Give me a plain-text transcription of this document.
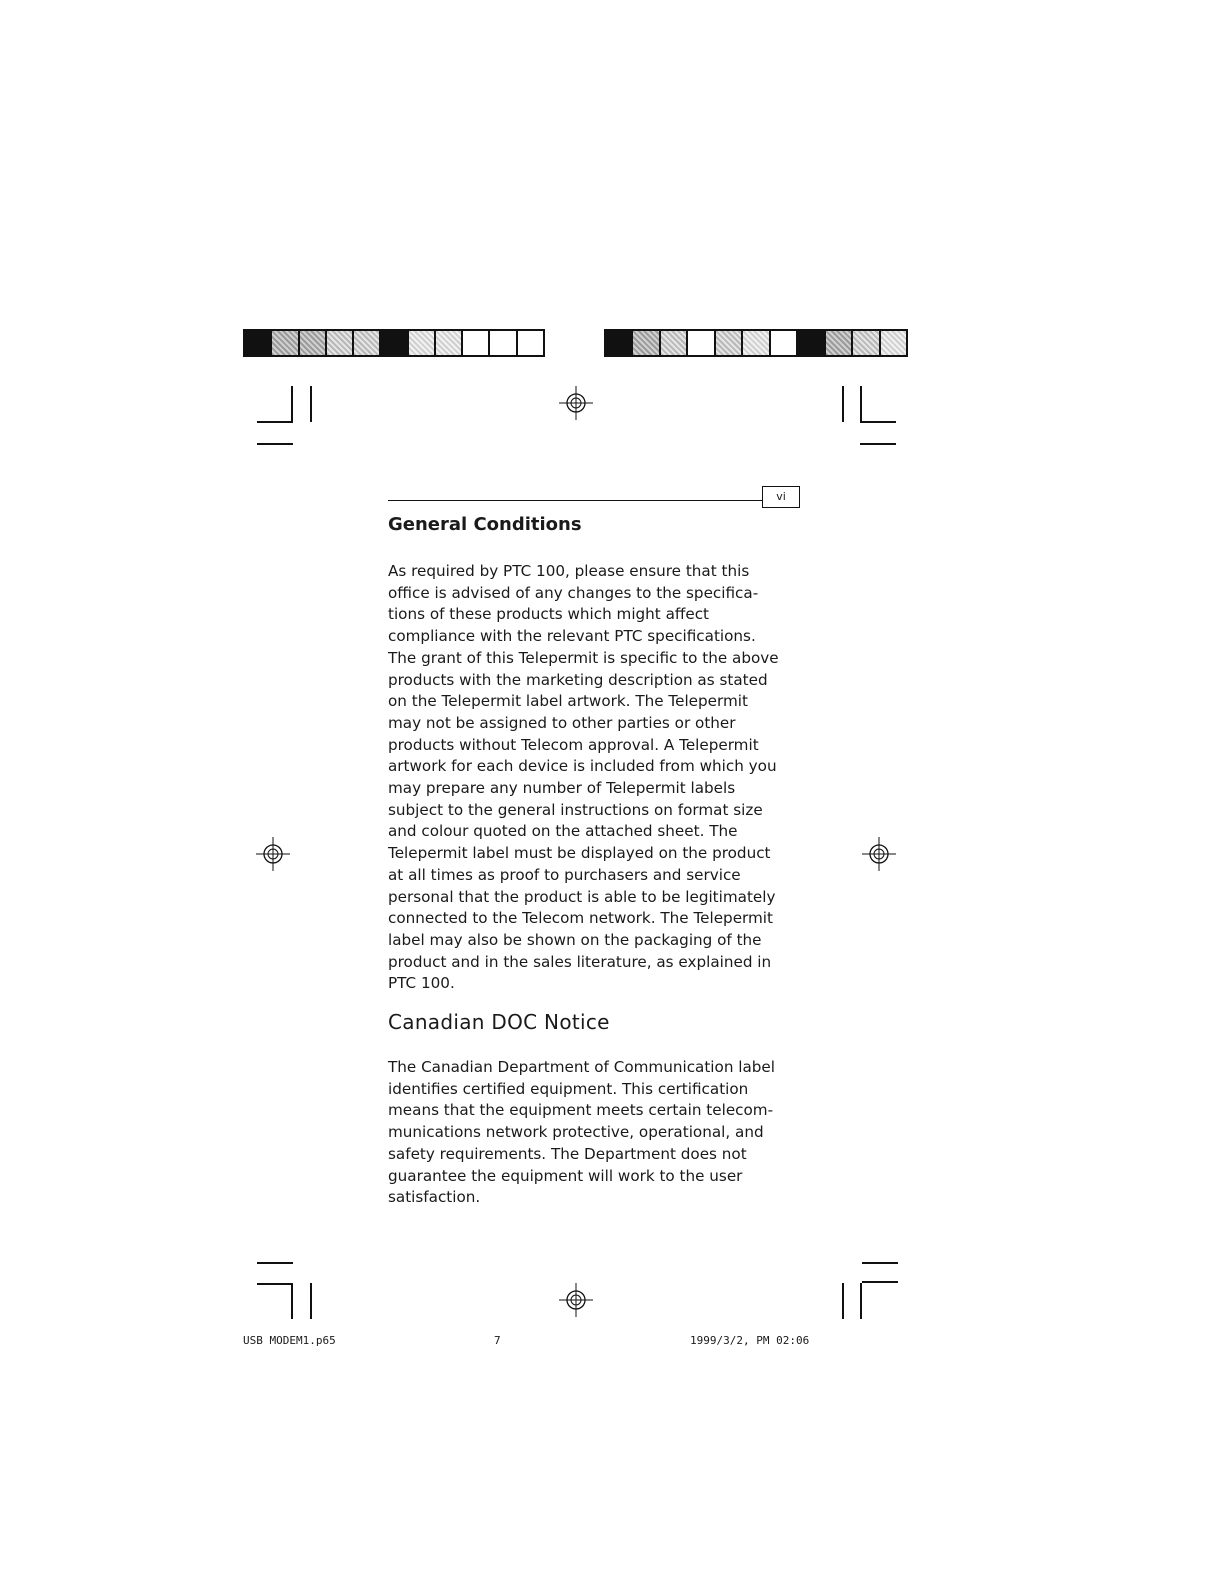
vi
General Conditions

As required by PTC 100, please ensure that this office is advised of any changes to the specifica-tions of these products which might affect compliance with the relevant PTC specifications. The grant of this Telepermit is specific to the above products with the marketing description as stated on the Telepermit label artwork. The Telepermit may not be assigned to other parties or other products without Telecom approval. A Telepermit artwork for each device is included from which you may prepare any number of Telepermit labels subject to the general instructions on format size and colour quoted on the attached sheet. The Telepermit label must be displayed on the product at all times as proof to purchasers and service personal that the product is able to be legitimately connected to the Telecom network. The Telepermit label may also be shown on the packaging of the product and in the sales literature, as explained in PTC 100.

Canadian DOC Notice

The Canadian Department of Communication label identifies certified equipment. This certification means that the equipment meets certain telecom-munications network protective, operational, and safety requirements. The Department does not guarantee the equipment will work to the user satisfaction.

USB MODEM1.p65	7	1999/3/2, PM 02:06
